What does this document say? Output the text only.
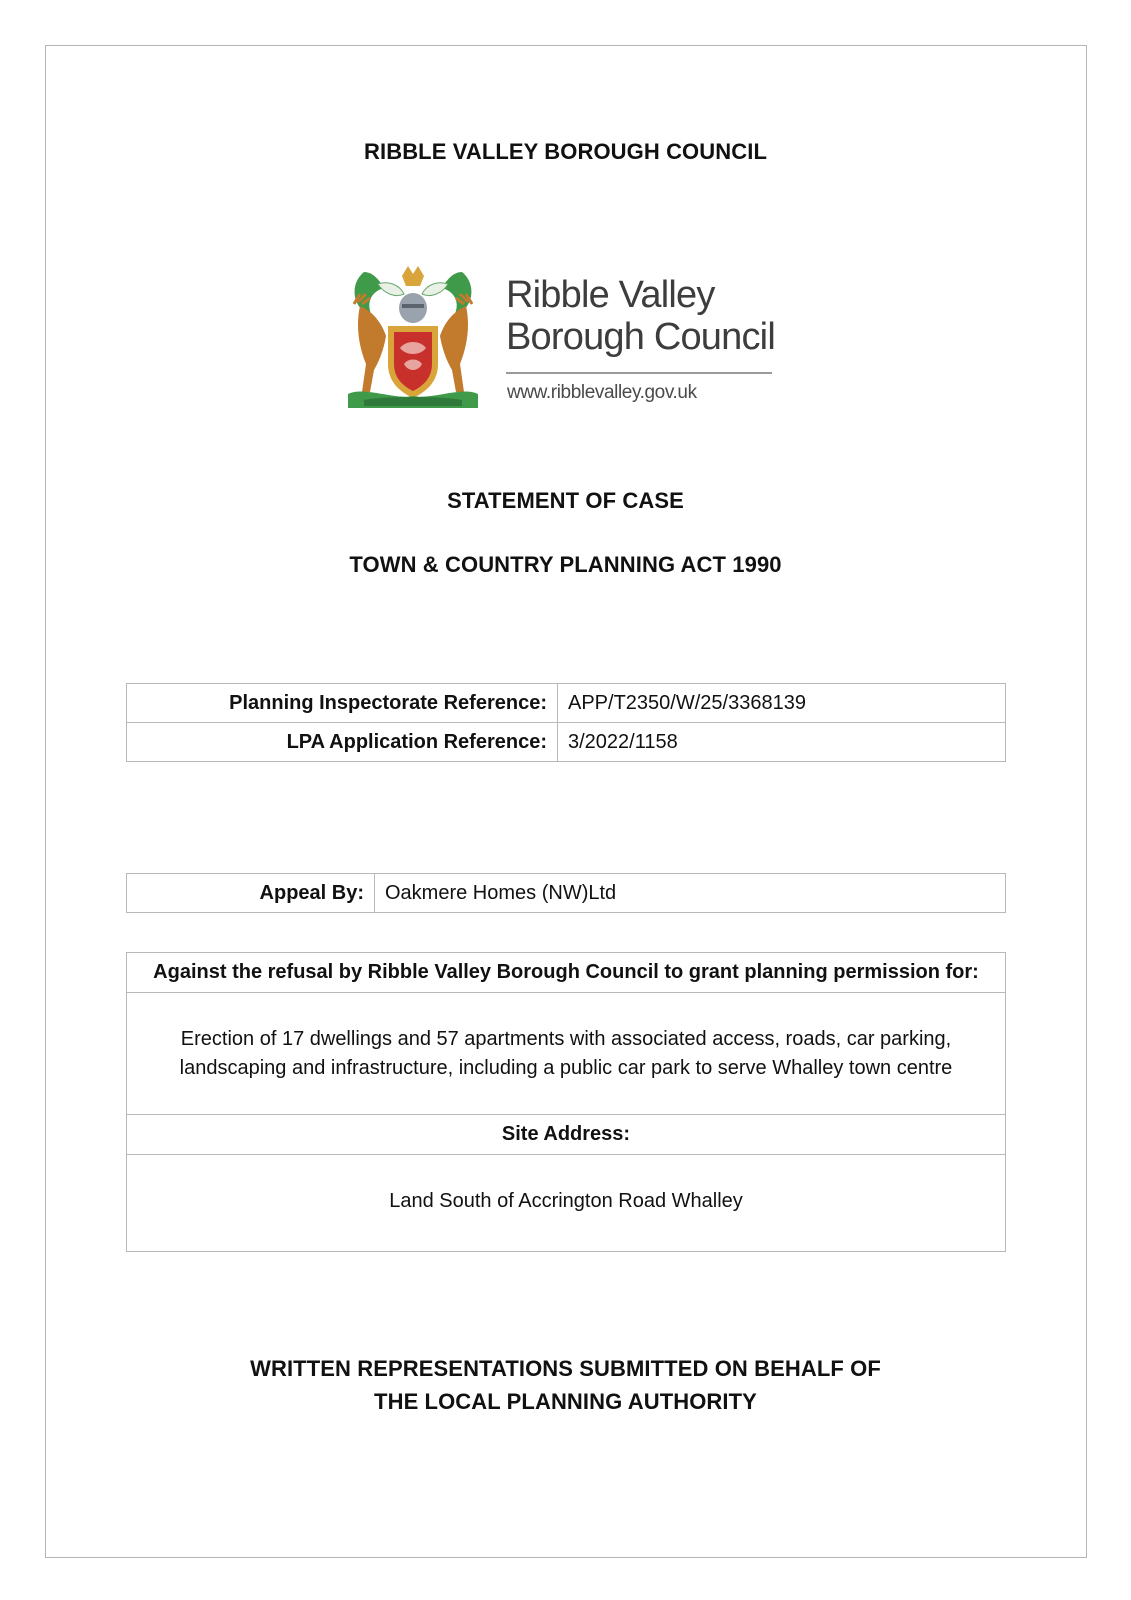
RIBBLE VALLEY BOROUGH COUNCIL
Ribble Valley
Borough Council
www.ribblevalley.gov.uk
STATEMENT OF CASE
TOWN & COUNTRY PLANNING ACT 1990
Planning Inspectorate Reference:	APP/T2350/W/25/3368139
LPA Application Reference:	3/2022/1158
Appeal By:	Oakmere Homes (NW)Ltd
Against the refusal by Ribble Valley Borough Council to grant planning permission for:
Erection of 17 dwellings and 57 apartments with associated access, roads, car parking,
landscaping and infrastructure, including a public car park to serve Whalley town centre
Site Address:
Land South of Accrington Road Whalley
WRITTEN REPRESENTATIONS SUBMITTED ON BEHALF OF
THE LOCAL PLANNING AUTHORITY
